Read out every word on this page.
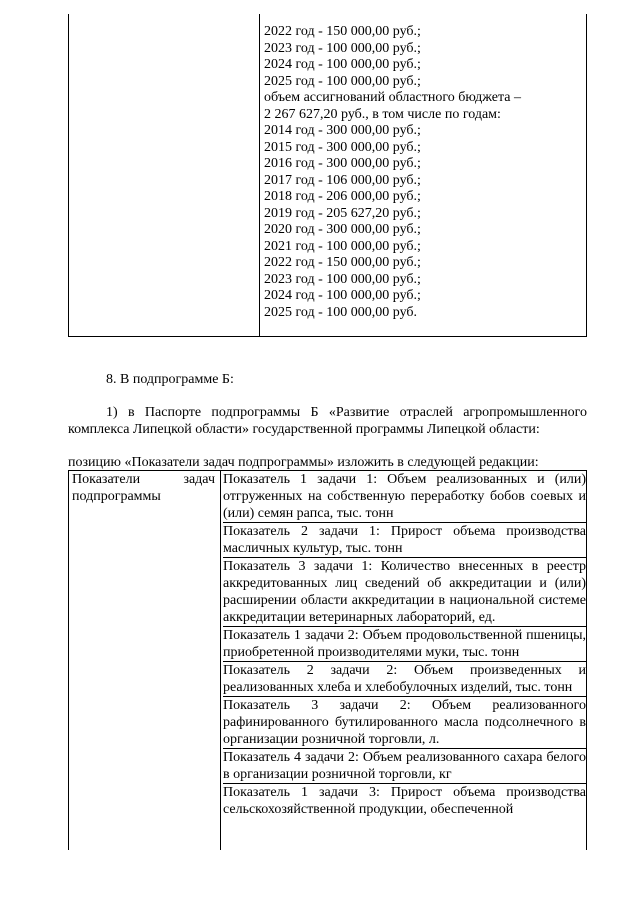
2022 год - 150 000,00 руб.;
2023 год - 100 000,00 руб.;
2024 год - 100 000,00 руб.;
2025 год - 100 000,00 руб.;
объем ассигнований областного бюджета –
2 267 627,20 руб., в том числе по годам:
2014 год - 300 000,00 руб.;
2015 год - 300 000,00 руб.;
2016 год - 300 000,00 руб.;
2017 год - 106 000,00 руб.;
2018 год - 206 000,00 руб.;
2019 год - 205 627,20 руб.;
2020 год - 300 000,00 руб.;
2021 год - 100 000,00 руб.;
2022 год - 150 000,00 руб.;
2023 год - 100 000,00 руб.;
2024 год - 100 000,00 руб.;
2025 год - 100 000,00 руб.
8. В подпрограмме Б:
1) в Паспорте подпрограммы Б «Развитие отраслей агропромышленного комплекса Липецкой области» государственной программы Липецкой области:
позицию «Показатели задач подпрограммы» изложить в следующей редакции:
Показатели	задач
подпрограммы
Показатель 1 задачи 1: Объем реализованных и (или) отгруженных на собственную переработку бобов соевых и (или) семян рапса, тыс. тонн
Показатель 2 задачи 1: Прирост объема производства масличных культур, тыс. тонн
Показатель 3 задачи 1: Количество внесенных в реестр аккредитованных лиц сведений об аккредитации и (или) расширении области аккредитации в национальной системе аккредитации ветеринарных лабораторий, ед.
Показатель 1 задачи 2: Объем продовольственной пшеницы, приобретенной производителями муки, тыс. тонн
Показатель 2 задачи 2: Объем произведенных и реализованных хлеба и хлебобулочных изделий, тыс. тонн
Показатель 3 задачи 2: Объем реализованного рафинированного бутилированного масла подсолнечного в организации розничной торговли, л.
Показатель 4 задачи 2: Объем реализованного сахара белого в организации розничной торговли, кг
Показатель 1 задачи 3: Прирост объема производства сельскохозяйственной продукции, обеспеченной
